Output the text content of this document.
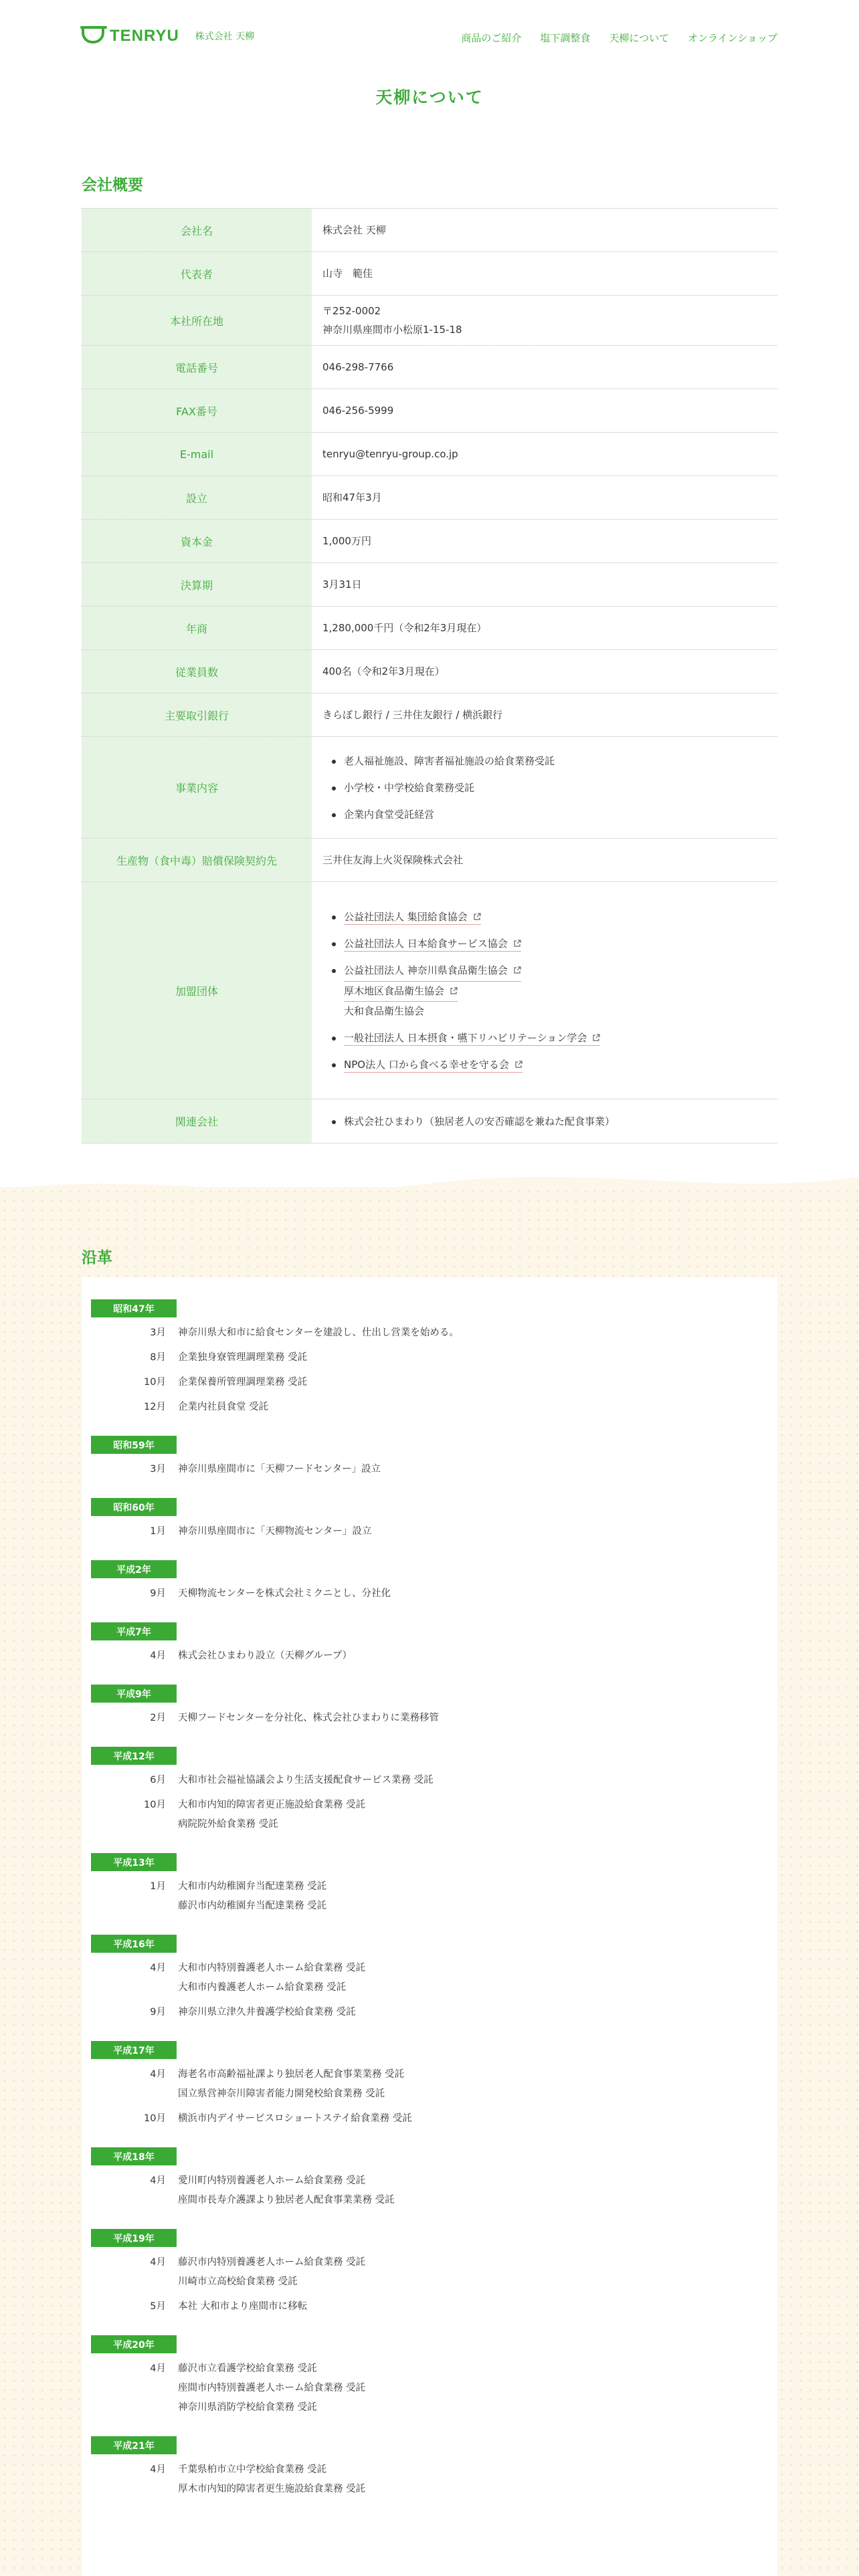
TENRYU 株式会社 天柳	商品のご紹介 塩下調整食 天柳について オンラインショップ
天柳について
会社概要
会社名	株式会社 天柳
代表者	山寺　範佳
本社所在地
〒252-0002
神奈川県座間市小松原1-15-18
電話番号	046-298-7766
FAX番号	046-256-5999
E-mail	tenryu@tenryu-group.co.jp
設立	昭和47年3月
資本金	1,000万円
決算期	3月31日
年商	1,280,000千円（令和2年3月現在）
従業員数	400名（令和2年3月現在）
主要取引銀行	きらぼし銀行 / 三井住友銀行 / 横浜銀行
事業内容
老人福祉施設、障害者福祉施設の給食業務受託
小学校・中学校給食業務受託
企業内食堂受託経営
生産物（食中毒）賠償保険契約先	三井住友海上火災保険株式会社
加盟団体
公益社団法人 集団給食協会
公益社団法人 日本給食サービス協会
公益社団法人 神奈川県食品衛生協会
厚木地区食品衛生協会
大和食品衛生協会
一般社団法人 日本摂食・嚥下リハビリテーション学会
NPO法人 口から食べる幸せを守る会
関連会社	株式会社ひまわり（独居老人の安否確認を兼ねた配食事業）
沿革
昭和47年
3月	神奈川県大和市に給食センターを建設し、仕出し営業を始める。
8月	企業独身寮管理調理業務 受託
10月	企業保養所管理調理業務 受託
12月	企業内社員食堂 受託
昭和59年
3月	神奈川県座間市に「天柳フードセンター」設立
昭和60年
1月	神奈川県座間市に「天柳物流センター」設立
平成2年
9月	天柳物流センターを株式会社ミクニとし、分社化
平成7年
4月	株式会社ひまわり設立（天柳グループ）
平成9年
2月	天柳フードセンターを分社化、株式会社ひまわりに業務移管
平成12年
6月	大和市社会福祉協議会より生活支援配食サービス業務 受託
10月	大和市内知的障害者更正施設給食業務 受託
病院院外給食業務 受託
平成13年
1月	大和市内幼稚園弁当配達業務 受託
藤沢市内幼稚園弁当配達業務 受託
平成16年
4月	大和市内特別養護老人ホーム給食業務 受託
大和市内養護老人ホーム給食業務 受託
9月	神奈川県立津久井養護学校給食業務 受託
平成17年
4月	海老名市高齢福祉課より独居老人配食事業業務 受託
国立県営神奈川障害者能力開発校給食業務 受託
10月	横浜市内デイサービスロショートステイ給食業務 受託
平成18年
4月	愛川町内特別養護老人ホーム給食業務 受託
座間市長寿介護課より独居老人配食事業業務 受託
平成19年
4月	藤沢市内特別養護老人ホーム給食業務 受託
川崎市立高校給食業務 受託
5月	本社 大和市より座間市に移転
平成20年
4月	藤沢市立看護学校給食業務 受託
座間市内特別養護老人ホーム給食業務 受託
神奈川県消防学校給食業務 受託
平成21年
4月	千葉県柏市立中学校給食業務 受託
厚木市内知的障害者更生施設給食業務 受託
